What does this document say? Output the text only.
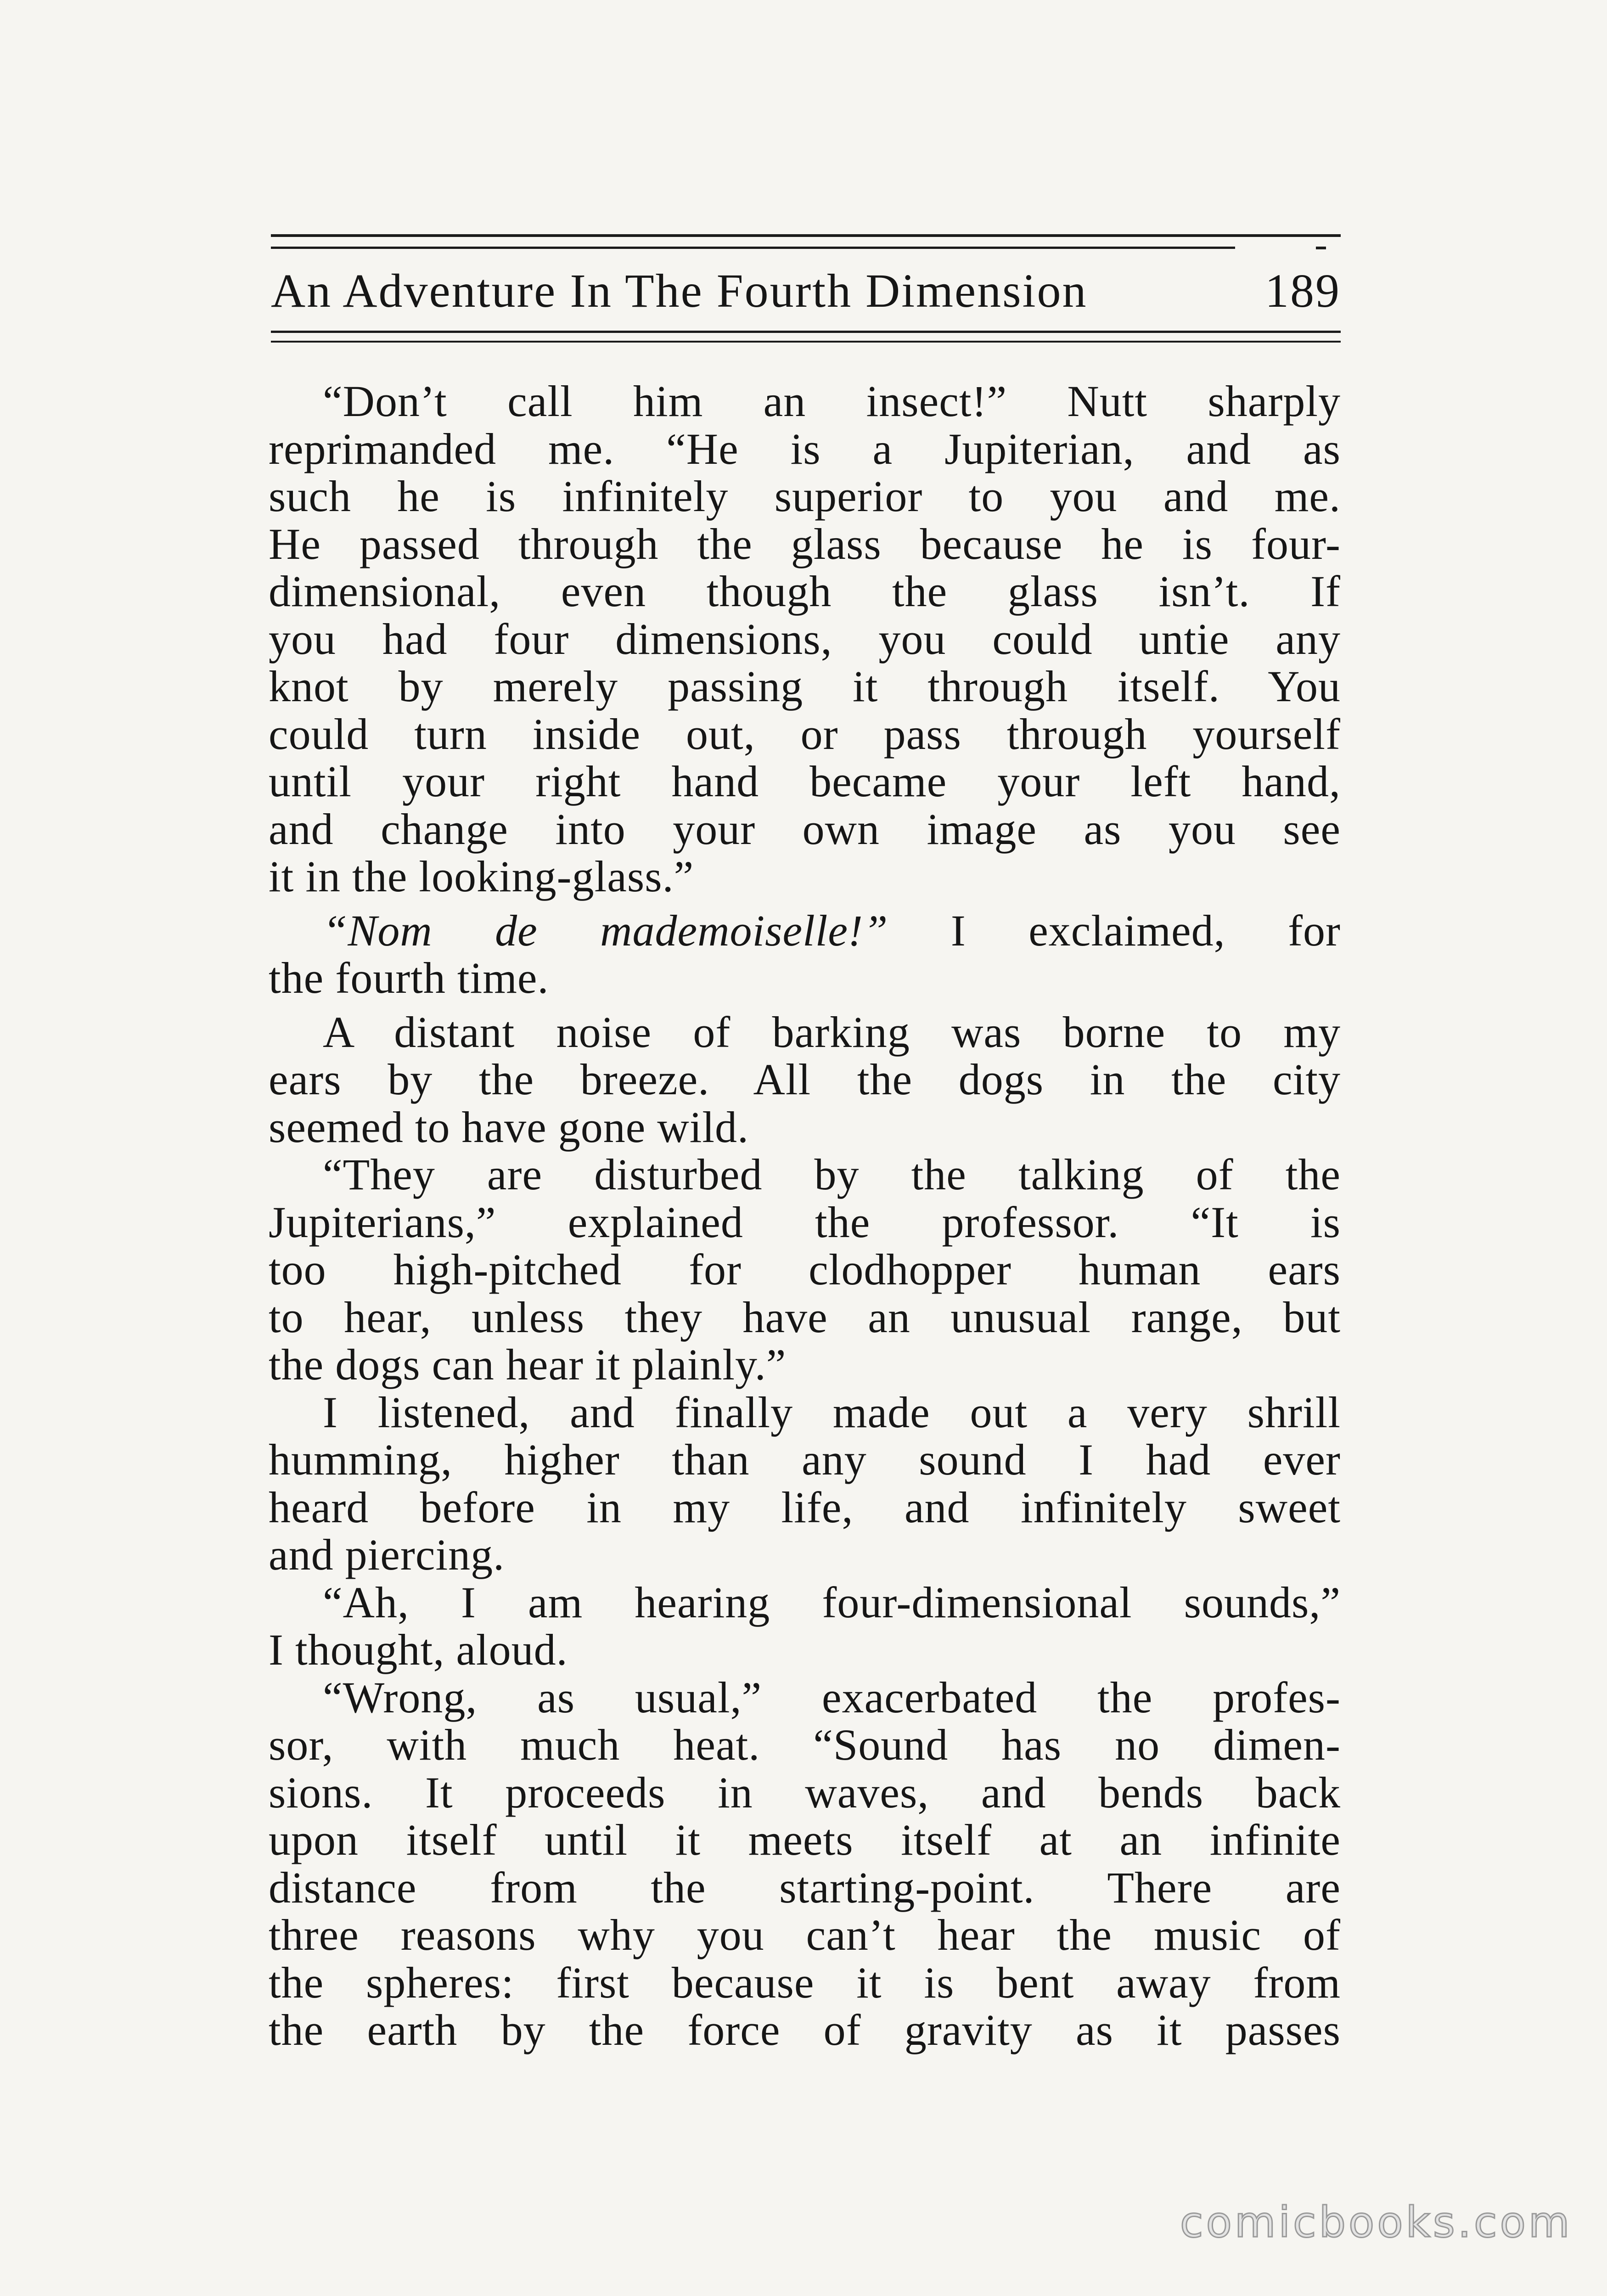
An Adventure In The Fourth Dimension	189
“Don’t call him an insect!” Nutt sharply
reprimanded me. “He is a Jupiterian, and as
such he is infinitely superior to you and me.
He passed through the glass because he is four-
dimensional, even though the glass isn’t. If
you had four dimensions, you could untie any
knot by merely passing it through itself. You
could turn inside out, or pass through yourself
until your right hand became your left hand,
and change into your own image as you see
it in the looking-glass.”
“Nom de mademoiselle!” I exclaimed, for
the fourth time.
A distant noise of barking was borne to my
ears by the breeze. All the dogs in the city
seemed to have gone wild.
“They are disturbed by the talking of the
Jupiterians,” explained the professor. “It is
too high-pitched for clodhopper human ears
to hear, unless they have an unusual range, but
the dogs can hear it plainly.”
I listened, and finally made out a very shrill
humming, higher than any sound I had ever
heard before in my life, and infinitely sweet
and piercing.
“Ah, I am hearing four-dimensional sounds,”
I thought, aloud.
“Wrong, as usual,” exacerbated the profes-
sor, with much heat. “Sound has no dimen-
sions. It proceeds in waves, and bends back
upon itself until it meets itself at an infinite
distance from the starting-point. There are
three reasons why you can’t hear the music of
the spheres: first because it is bent away from
the earth by the force of gravity as it passes
comicbooks.com
